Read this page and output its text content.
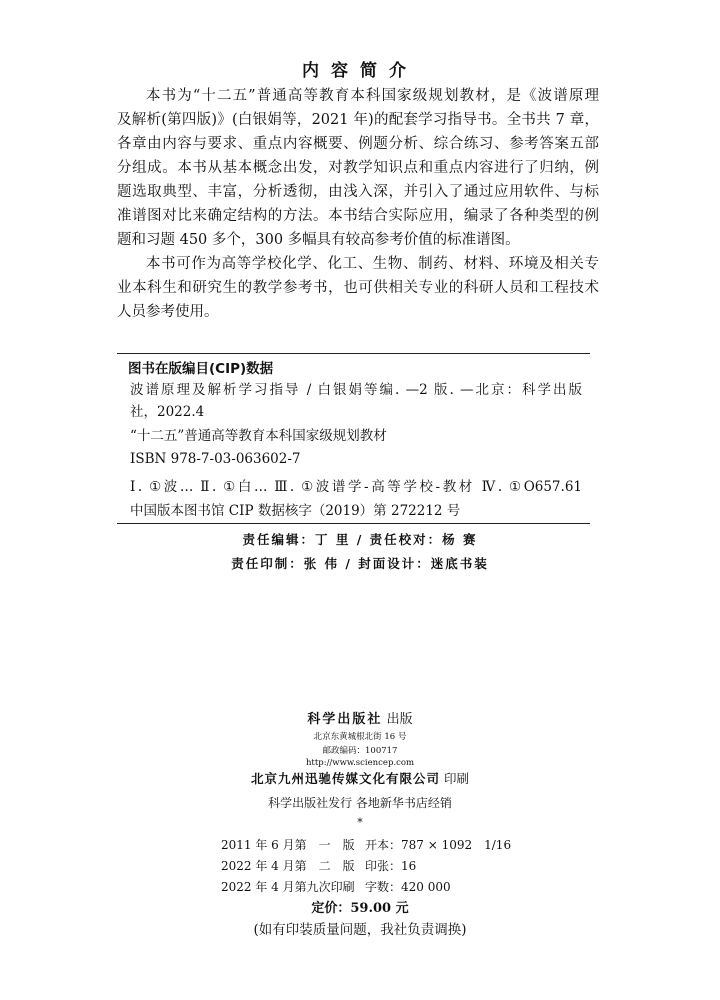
内容简介
本书为“十二五”普通高等教育本科国家级规划教材，是《波谱原理
及解析(第四版)》(白银娟等，2021 年)的配套学习指导书。全书共 7 章，
各章由内容与要求、重点内容概要、例题分析、综合练习、参考答案五部
分组成。本书从基本概念出发，对教学知识点和重点内容进行了归纳，例
题选取典型、丰富，分析透彻，由浅入深，并引入了通过应用软件、与标
准谱图对比来确定结构的方法。本书结合实际应用，编录了各种类型的例
题和习题 450 多个，300 多幅具有较高参考价值的标准谱图。
本书可作为高等学校化学、化工、生物、制药、材料、环境及相关专
业本科生和研究生的教学参考书，也可供相关专业的科研人员和工程技术
人员参考使用。
图书在版编目(CIP)数据
波谱原理及解析学习指导 / 白银娟等编. —2 版. —北京：科学出版
社，2022.4
“十二五”普通高等教育本科国家级规划教材
ISBN 978-7-03-063602-7
Ⅰ. ①波… Ⅱ. ①白… Ⅲ. ①波谱学-高等学校-教材 Ⅳ. ①O657.61
中国版本图书馆 CIP 数据核字（2019）第 272212 号
责任编辑：丁 里 / 责任校对：杨 赛
责任印制：张 伟 / 封面设计：迷底书装
科学出版社 出版
北京东黄城根北街 16 号
邮政编码：100717
http://www.sciencep.com
北京九州迅驰传媒文化有限公司 印刷
科学出版社发行 各地新华书店经销
*
2011 年 6 月第　一　版 开本：787 × 1092　1/16
2022 年 4 月第　二　版 印张：16
2022 年 4 月第九次印刷 字数：420 000
定价：59.00 元
(如有印装质量问题，我社负责调换)
